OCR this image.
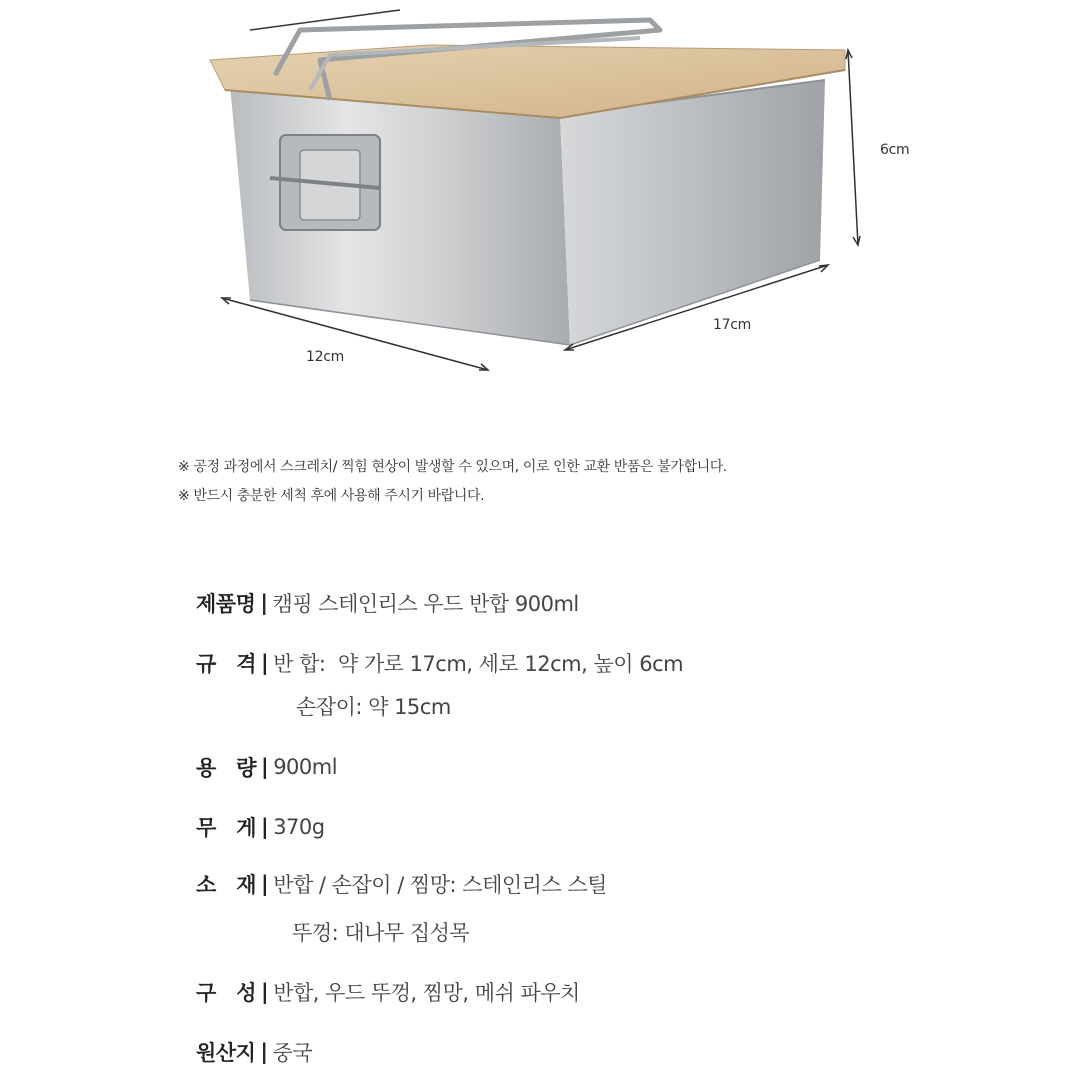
6cm
17cm
12cm
※ 공정 과정에서 스크레치/ 찍힘 현상이 발생할 수 있으며, 이로 인한 교환 반품은 불가합니다.
※ 반드시 충분한 세척 후에 사용해 주시기 바랍니다.
제품명 | 캠핑 스테인리스 우드 반합 900ml
규   격 | 반 합:  약 가로 17cm, 세로 12cm, 높이 6cm
손잡이: 약 15cm
용   량 | 900ml
무   게 | 370g
소   재 | 반합 / 손잡이 / 찜망: 스테인리스 스틸
뚜껑: 대나무 집성목
구   성 | 반합, 우드 뚜껑, 찜망, 메쉬 파우치
원산지 | 중국
